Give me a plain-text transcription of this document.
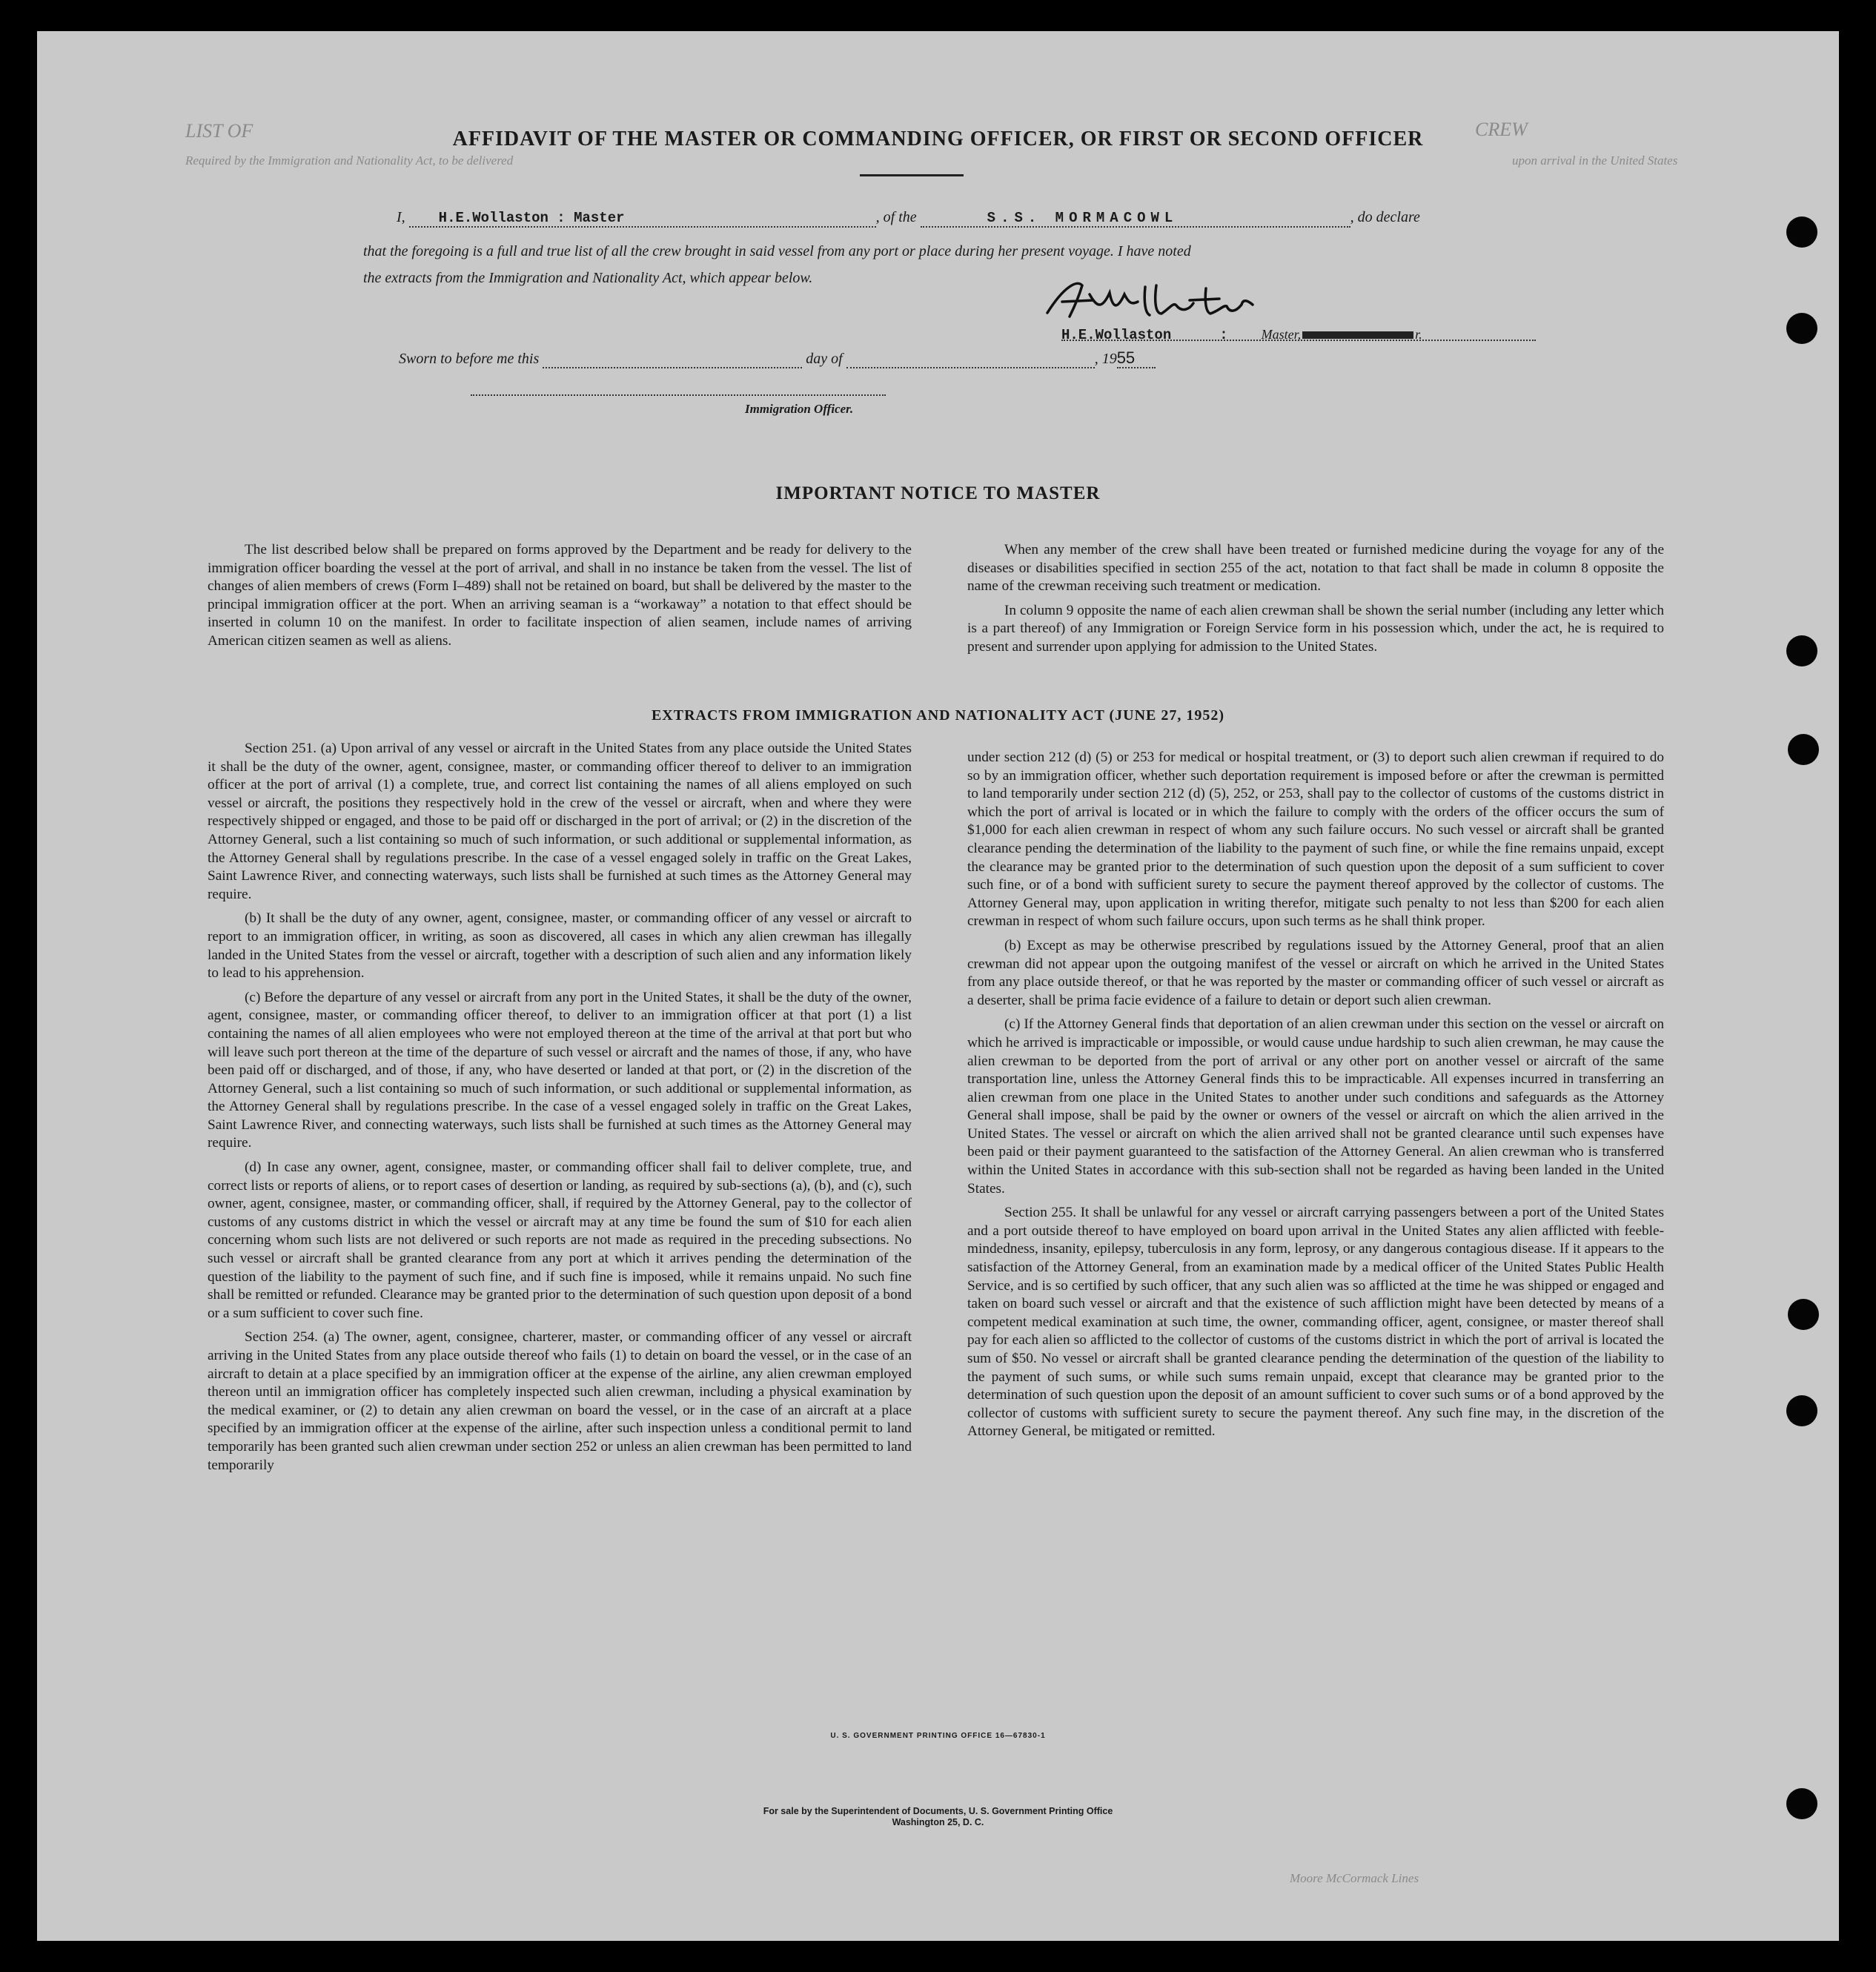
LIST OF
Required by the Immigration and Nationality Act, to be delivered
CREW
upon arrival in the United States
Moore McCormack Lines
AFFIDAVIT OF THE MASTER OR COMMANDING OFFICER, OR FIRST OR SECOND OFFICER
I, H.E.Wollaston : Master	, of the	S.S. MORMACOWL	, do declare
that the foregoing is a full and true list of all the crew brought in said vessel from any port or place during her present voyage. I have noted
the extracts from the Immigration and Nationality Act, which appear below.
H.E.Wollaston	:	Master,	r.
Sworn to before me this	day of	, 1955
Immigration Officer.
IMPORTANT NOTICE TO MASTER

The list described below shall be prepared on forms approved by the Department and be ready for delivery to the immigration officer boarding the vessel at the port of arrival, and shall in no instance be taken from the vessel. The list of changes of alien members of crews (Form I–489) shall not be retained on board, but shall be delivered by the master to the principal immigration officer at the port. When an arriving seaman is a “workaway” a notation to that effect should be inserted in column 10 on the manifest. In order to facilitate inspection of alien seamen, include names of arriving American citizen seamen as well as aliens.

When any member of the crew shall have been treated or furnished medicine during the voyage for any of the diseases or disabilities specified in section 255 of the act, notation to that fact shall be made in column 8 opposite the name of the crewman receiving such treatment or medication.

In column 9 opposite the name of each alien crewman shall be shown the serial number (including any letter which is a part thereof) of any Immigration or Foreign Service form in his possession which, under the act, he is required to present and surrender upon applying for admission to the United States.

EXTRACTS FROM IMMIGRATION AND NATIONALITY ACT (JUNE 27, 1952)

Section 251. (a) Upon arrival of any vessel or aircraft in the United States from any place outside the United States it shall be the duty of the owner, agent, consignee, master, or commanding officer thereof to deliver to an immigration officer at the port of arrival (1) a complete, true, and correct list containing the names of all aliens employed on such vessel or aircraft, the positions they respectively hold in the crew of the vessel or aircraft, when and where they were respectively shipped or engaged, and those to be paid off or discharged in the port of arrival; or (2) in the discretion of the Attorney General, such a list containing so much of such information, or such additional or supplemental information, as the Attorney General shall by regulations prescribe. In the case of a vessel engaged solely in traffic on the Great Lakes, Saint Lawrence River, and connecting waterways, such lists shall be furnished at such times as the Attorney General may require.

(b) It shall be the duty of any owner, agent, consignee, master, or commanding officer of any vessel or aircraft to report to an immigration officer, in writing, as soon as discovered, all cases in which any alien crewman has illegally landed in the United States from the vessel or aircraft, together with a description of such alien and any information likely to lead to his apprehension.

(c) Before the departure of any vessel or aircraft from any port in the United States, it shall be the duty of the owner, agent, consignee, master, or commanding officer thereof, to deliver to an immigration officer at that port (1) a list containing the names of all alien employees who were not employed thereon at the time of the arrival at that port but who will leave such port thereon at the time of the departure of such vessel or aircraft and the names of those, if any, who have been paid off or discharged, and of those, if any, who have deserted or landed at that port, or (2) in the discretion of the Attorney General, such a list containing so much of such information, or such additional or supplemental information, as the Attorney General shall by regulations prescribe. In the case of a vessel engaged solely in traffic on the Great Lakes, Saint Lawrence River, and connecting waterways, such lists shall be furnished at such times as the Attorney General may require.

(d) In case any owner, agent, consignee, master, or commanding officer shall fail to deliver complete, true, and correct lists or reports of aliens, or to report cases of desertion or landing, as required by sub-sections (a), (b), and (c), such owner, agent, consignee, master, or commanding officer, shall, if required by the Attorney General, pay to the collector of customs of any customs district in which the vessel or aircraft may at any time be found the sum of $10 for each alien concerning whom such lists are not delivered or such reports are not made as required in the preceding subsections. No such vessel or aircraft shall be granted clearance from any port at which it arrives pending the determination of the question of the liability to the payment of such fine, and if such fine is imposed, while it remains unpaid. No such fine shall be remitted or refunded. Clearance may be granted prior to the determination of such question upon deposit of a bond or a sum sufficient to cover such fine.

Section 254. (a) The owner, agent, consignee, charterer, master, or commanding officer of any vessel or aircraft arriving in the United States from any place outside thereof who fails (1) to detain on board the vessel, or in the case of an aircraft to detain at a place specified by an immigration officer at the expense of the airline, any alien crewman employed thereon until an immigration officer has completely inspected such alien crewman, including a physical examination by the medical examiner, or (2) to detain any alien crewman on board the vessel, or in the case of an aircraft at a place specified by an immigration officer at the expense of the airline, after such inspection unless a conditional permit to land temporarily has been granted such alien crewman under section 252 or unless an alien crewman has been permitted to land temporarily

under section 212 (d) (5) or 253 for medical or hospital treatment, or (3) to deport such alien crewman if required to do so by an immigration officer, whether such deportation requirement is imposed before or after the crewman is permitted to land temporarily under section 212 (d) (5), 252, or 253, shall pay to the collector of customs of the customs district in which the port of arrival is located or in which the failure to comply with the orders of the officer occurs the sum of $1,000 for each alien crewman in respect of whom any such failure occurs. No such vessel or aircraft shall be granted clearance pending the determination of the liability to the payment of such fine, or while the fine remains unpaid, except the clearance may be granted prior to the determination of such question upon the deposit of a sum sufficient to cover such fine, or of a bond with sufficient surety to secure the payment thereof approved by the collector of customs. The Attorney General may, upon application in writing therefor, mitigate such penalty to not less than $200 for each alien crewman in respect of whom such failure occurs, upon such terms as he shall think proper.

(b) Except as may be otherwise prescribed by regulations issued by the Attorney General, proof that an alien crewman did not appear upon the outgoing manifest of the vessel or aircraft on which he arrived in the United States from any place outside thereof, or that he was reported by the master or commanding officer of such vessel or aircraft as a deserter, shall be prima facie evidence of a failure to detain or deport such alien crewman.

(c) If the Attorney General finds that deportation of an alien crewman under this section on the vessel or aircraft on which he arrived is impracticable or impossible, or would cause undue hardship to such alien crewman, he may cause the alien crewman to be deported from the port of arrival or any other port on another vessel or aircraft of the same transportation line, unless the Attorney General finds this to be impracticable. All expenses incurred in transferring an alien crewman from one place in the United States to another under such conditions and safeguards as the Attorney General shall impose, shall be paid by the owner or owners of the vessel or aircraft on which the alien arrived in the United States. The vessel or aircraft on which the alien arrived shall not be granted clearance until such expenses have been paid or their payment guaranteed to the satisfaction of the Attorney General. An alien crewman who is transferred within the United States in accordance with this sub-section shall not be regarded as having been landed in the United States.

Section 255. It shall be unlawful for any vessel or aircraft carrying passengers between a port of the United States and a port outside thereof to have employed on board upon arrival in the United States any alien afflicted with feeble-mindedness, insanity, epilepsy, tuberculosis in any form, leprosy, or any dangerous contagious disease. If it appears to the satisfaction of the Attorney General, from an examination made by a medical officer of the United States Public Health Service, and is so certified by such officer, that any such alien was so afflicted at the time he was shipped or engaged and taken on board such vessel or aircraft and that the existence of such affliction might have been detected by means of a competent medical examination at such time, the owner, commanding officer, agent, consignee, or master thereof shall pay for each alien so afflicted to the collector of customs of the customs district in which the port of arrival is located the sum of $50. No vessel or aircraft shall be granted clearance pending the determination of the question of the liability to the payment of such sums, or while such sums remain unpaid, except that clearance may be granted prior to the determination of such question upon the deposit of an amount sufficient to cover such sums or of a bond approved by the collector of customs with sufficient surety to secure the payment thereof. Any such fine may, in the discretion of the Attorney General, be mitigated or remitted.

U. S. GOVERNMENT PRINTING OFFICE 16—67830-1
For sale by the Superintendent of Documents, U. S. Government Printing Office
Washington 25, D. C.
